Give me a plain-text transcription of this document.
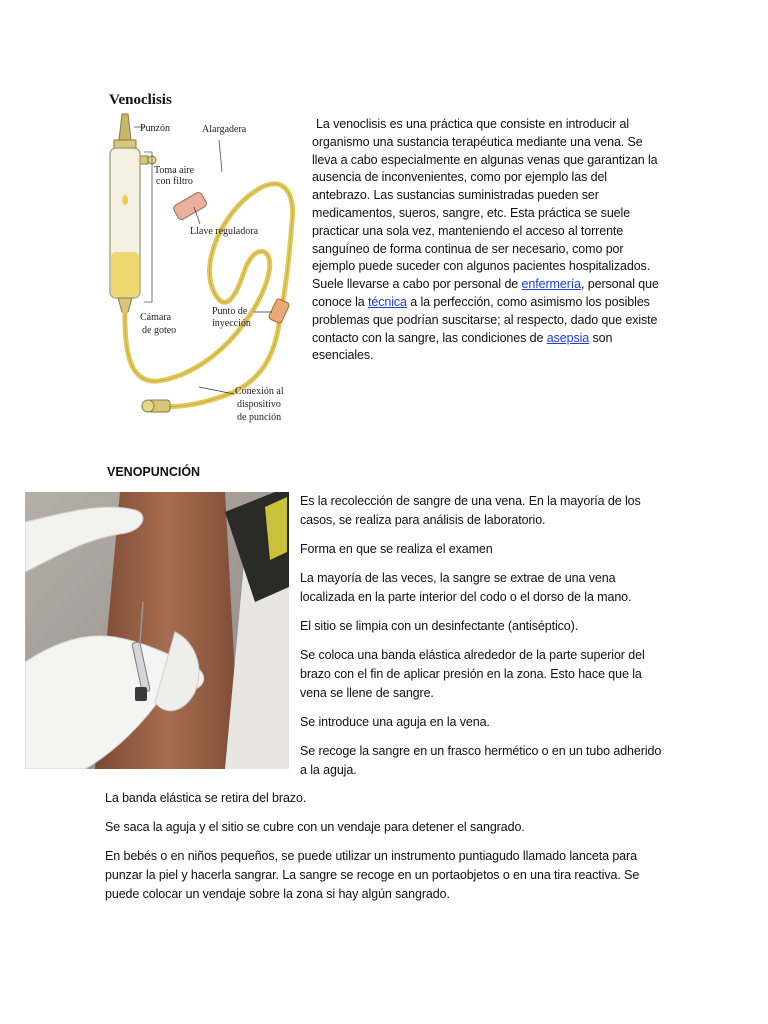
Venoclisis
Punzón	Alargadera
Toma aire
con filtro
Llave reguladora
Cámara
de goteo
Punto de
inyección
Conexión al
dispositivo
de punción
La venoclisis es una práctica que consiste en introducir al organismo una sustancia terapéutica mediante una vena. Se lleva a cabo especialmente en algunas venas que garantizan la ausencia de inconvenientes, como por ejemplo las del antebrazo. Las sustancias suministradas pueden ser medicamentos, sueros, sangre, etc. Esta práctica se suele practicar una sola vez, manteniendo el acceso al torrente sanguíneo de forma continua de ser necesario, como por ejemplo puede suceder con algunos pacientes hospitalizados. Suele llevarse a cabo por personal de enfermería, personal que conoce la técnica a la perfección, como asimismo los posibles problemas que podrían suscitarse; al respecto, dado que existe contacto con la sangre, las condiciones de asepsia son esenciales.
VENOPUNCIÓN

Es la recolección de sangre de una vena. En la mayoría de los casos, se realiza para análisis de laboratorio.

Forma en que se realiza el examen

La mayoría de las veces, la sangre se extrae de una vena localizada en la parte interior del codo o el dorso de la mano.

El sitio se limpia con un desinfectante (antiséptico).

Se coloca una banda elástica alrededor de la parte superior del brazo con el fin de aplicar presión en la zona. Esto hace que la vena se llene de sangre.

Se introduce una aguja en la vena.

Se recoge la sangre en un frasco hermético o en un tubo adherido a la aguja.

La banda elástica se retira del brazo.

Se saca la aguja y el sitio se cubre con un vendaje para detener el sangrado.

En bebés o en niños pequeños, se puede utilizar un instrumento puntiagudo llamado lanceta para punzar la piel y hacerla sangrar. La sangre se recoge en un portaobjetos o en una tira reactiva. Se puede colocar un vendaje sobre la zona si hay algún sangrado.
